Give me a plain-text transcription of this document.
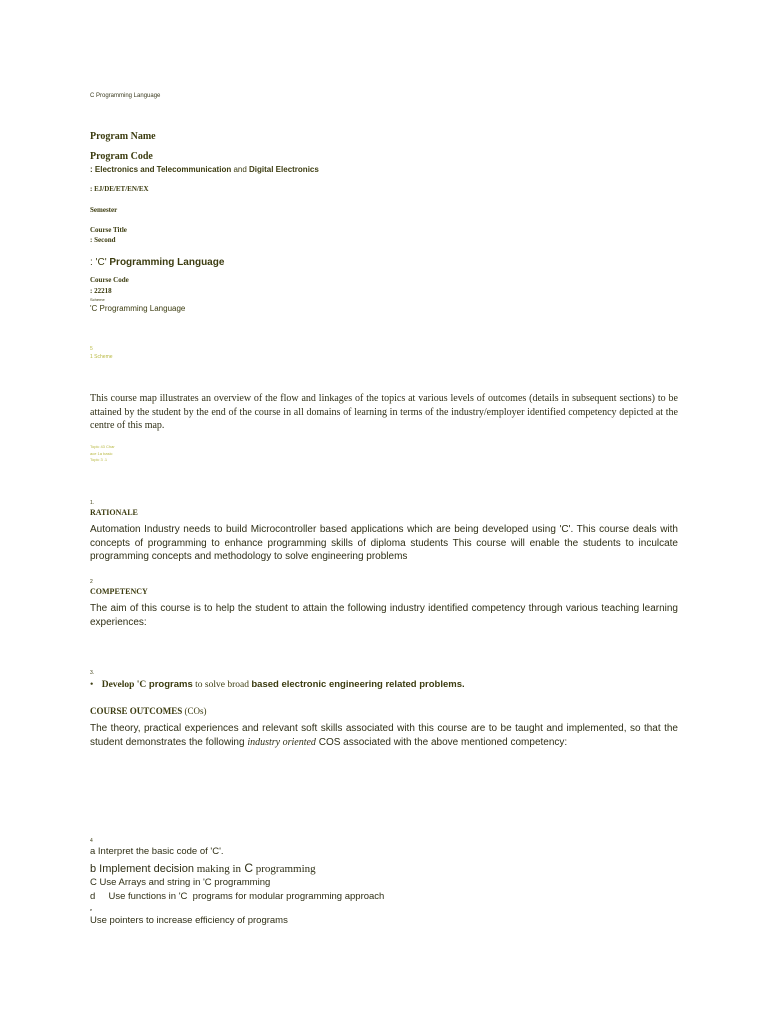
C Programming Language
Program Name
Program Code
: Electronics and Telecommunication and Digital Electronics
: EJ/DE/ET/EN/EX
Semester
Course Title
: Second
: 'C' Programming Language
Course Code
: 22218
Scheme
'C Programming Language
5
1 Scheme
This course map illustrates an overview of the flow and linkages of the topics at various levels of outcomes (details in subsequent sections) to be attained by the student by the end of the course in all domains of learning in terms of the industry/employer identified competency depicted at the centre of this map.
Topic 43 Char
ace 1a basic
Topic 3 .1
1.
RATIONALE
Automation Industry needs to build Microcontroller based applications which are being developed using 'C'. This course deals with concepts of programming to enhance programming skills of diploma students This course will enable the students to inculcate programming concepts and methodology to solve engineering problems
2
COMPETENCY
The aim of this course is to help the student to attain the following industry identified competency through various teaching learning experiences:
3.
• Develop 'C programs to solve broad based electronic engineering related problems.
COURSE OUTCOMES (COs)
The theory, practical experiences and relevant soft skills associated with this course are to be taught and implemented, so that the student demonstrates the following industry oriented COS associated with the above mentioned competency:
4
a Interpret the basic code of 'C'.
b Implement decision making in C programming
C Use Arrays and string in 'C programming
d     Use functions in 'C  programs for modular programming approach
e
Use pointers to increase efficiency of programs
